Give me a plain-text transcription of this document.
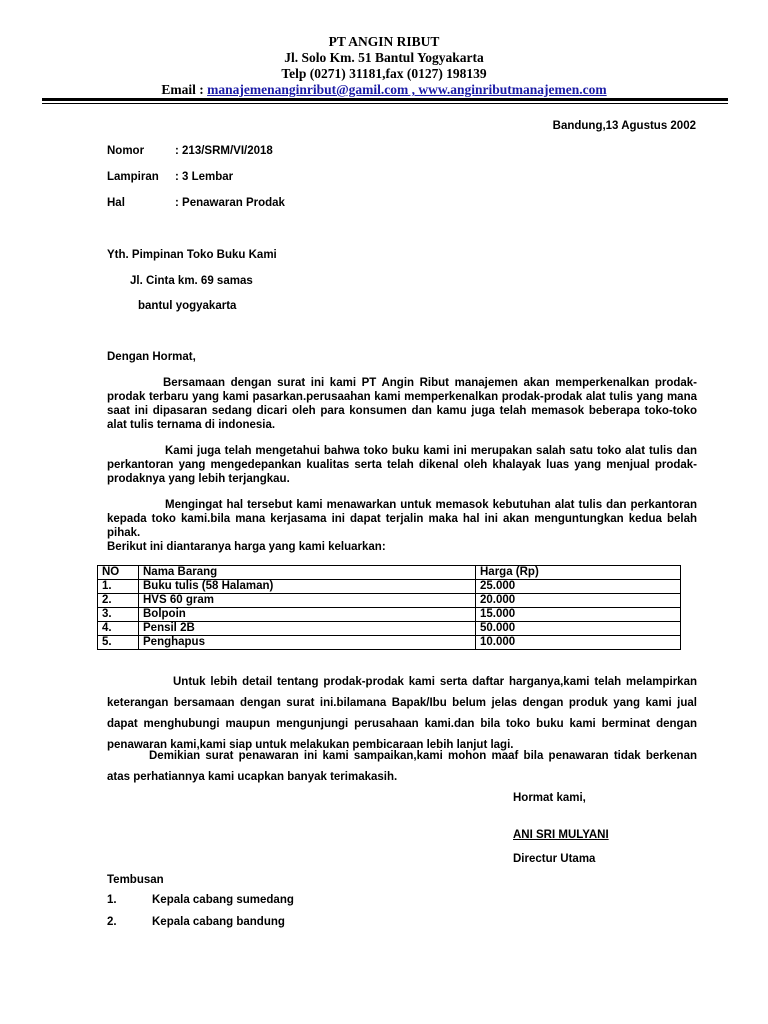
PT ANGIN RIBUT
Jl. Solo Km. 51 Bantul Yogyakarta
Telp (0271) 31181,fax (0127) 198139
Email : manajemenanginribut@gamil.com , www.anginributmanajemen.com
Bandung,13 Agustus 2002
Nomor	: 213/SRM/VI/2018
Lampiran : 3 Lembar
Hal	: Penawaran Prodak
Yth. Pimpinan Toko Buku Kami
Jl. Cinta km. 69 samas
bantul yogyakarta
Dengan Hormat,
Bersamaan dengan surat ini kami PT Angin Ribut manajemen akan memperkenalkan prodak-prodak terbaru yang kami pasarkan.perusaahan kami memperkenalkan prodak-prodak alat tulis yang mana saat ini dipasaran sedang dicari oleh para konsumen dan kamu juga telah memasok beberapa toko-toko alat tulis ternama di indonesia.
Kami juga telah mengetahui bahwa toko buku kami ini merupakan salah satu toko alat tulis dan perkantoran yang mengedepankan kualitas serta telah dikenal oleh khalayak luas yang menjual prodak-prodaknya yang lebih terjangkau.
Mengingat hal tersebut kami menawarkan untuk memasok kebutuhan alat tulis dan perkantoran kepada toko kami.bila mana kerjasama ini dapat terjalin maka hal ini akan menguntungkan kedua belah pihak.
Berikut ini diantaranya harga yang kami keluarkan:
NO	Nama Barang	Harga (Rp)
1.	Buku tulis (58 Halaman)	25.000
2.	HVS 60 gram	20.000
3.	Bolpoin	15.000
4.	Pensil 2B	50.000
5.	Penghapus	10.000
Untuk lebih detail tentang prodak-prodak kami serta daftar harganya,kami telah melampirkan keterangan bersamaan dengan surat ini.bilamana Bapak/Ibu belum jelas dengan produk yang kami jual dapat menghubungi maupun mengunjungi perusahaan kami.dan bila toko buku kami berminat dengan penawaran kami,kami siap untuk melakukan pembicaraan lebih lanjut lagi.
Demikian surat penawaran ini kami sampaikan,kami mohon maaf bila penawaran tidak berkenan atas perhatiannya kami ucapkan banyak terimakasih.
Hormat kami,
ANI SRI MULYANI
Directur Utama
Tembusan
1.	Kepala cabang sumedang
2.	Kepala cabang bandung
